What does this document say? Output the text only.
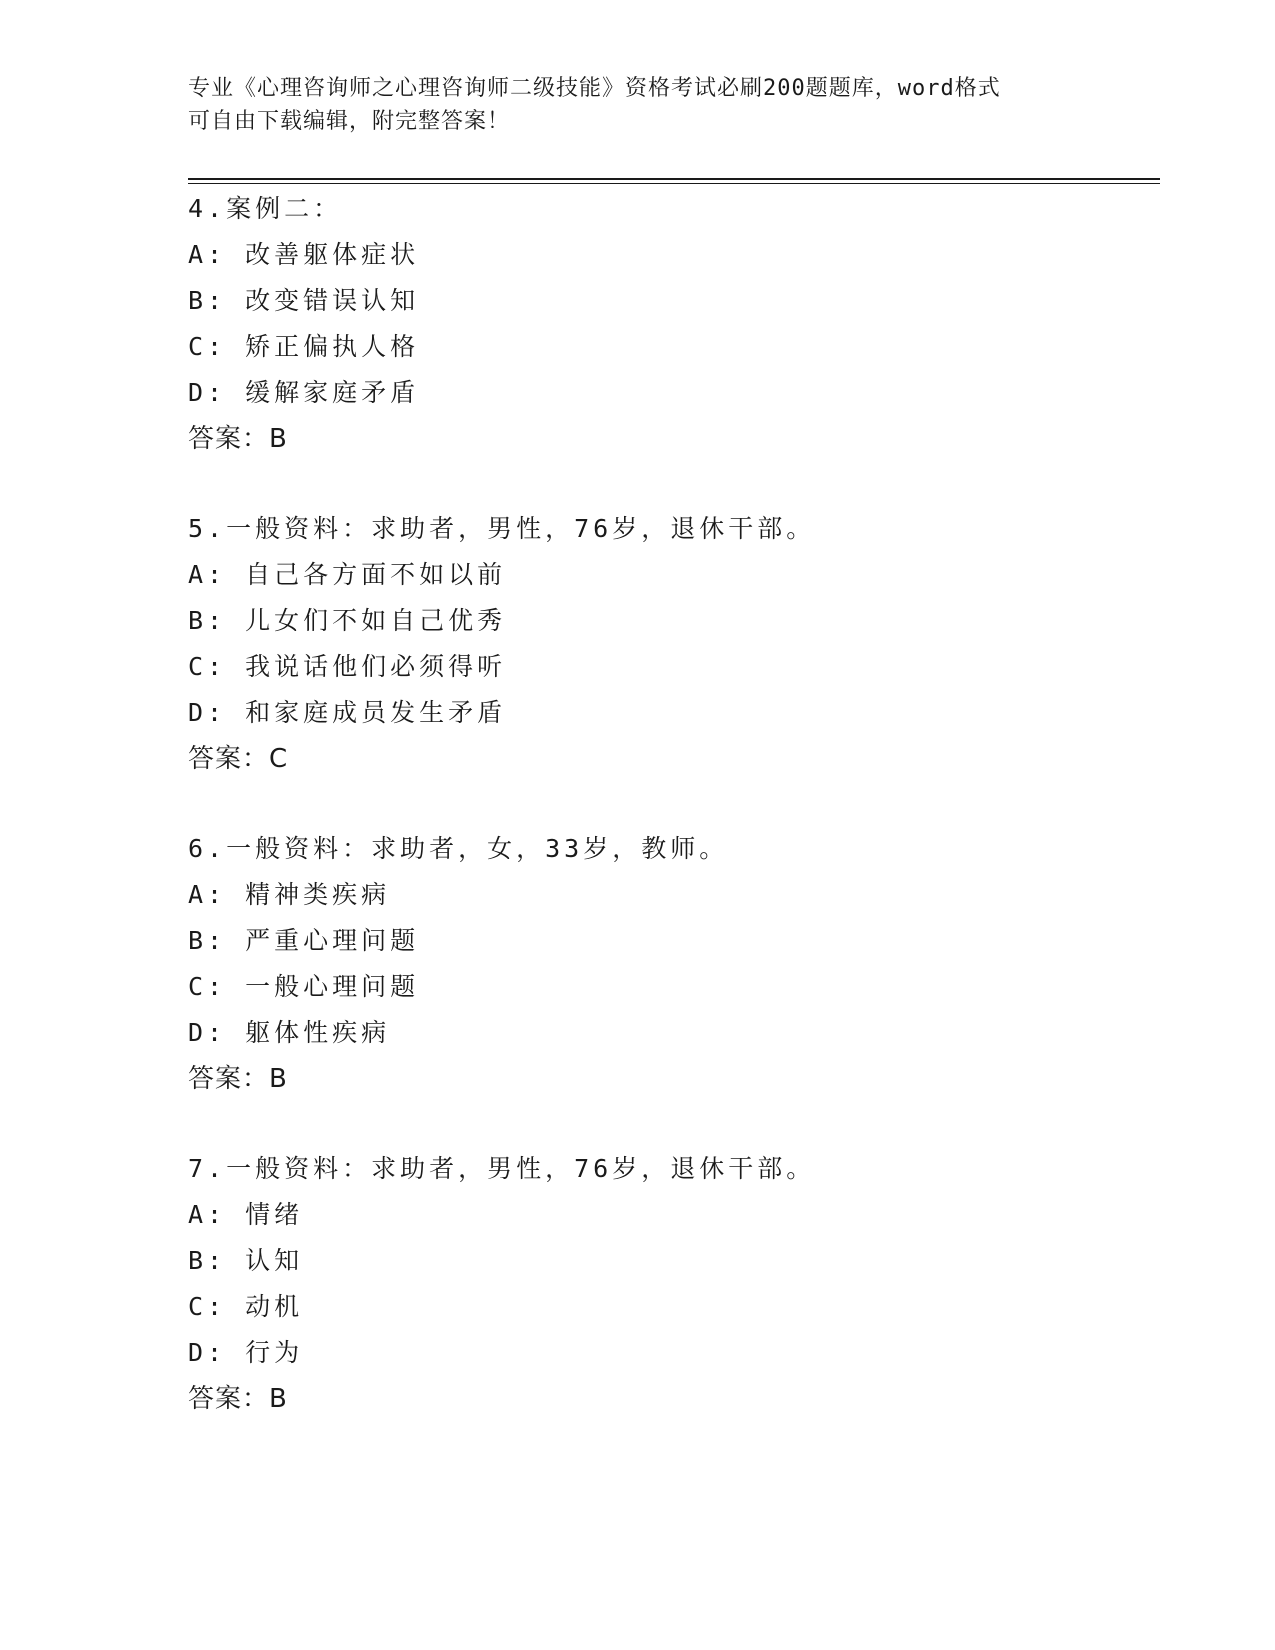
专业《心理咨询师之心理咨询师二级技能》资格考试必刷200题题库，word格式

可自由下载编辑，附完整答案！

4.案例二：
A: 改善躯体症状
B: 改变错误认知
C: 矫正偏执人格
D: 缓解家庭矛盾
答案：B
5.一般资料：求助者，男性，76岁，退休干部。
A: 自己各方面不如以前
B: 儿女们不如自己优秀
C: 我说话他们必须得听
D: 和家庭成员发生矛盾
答案：C
6.一般资料：求助者，女，33岁，教师。
A: 精神类疾病
B: 严重心理问题
C: 一般心理问题
D: 躯体性疾病
答案：B
7.一般资料：求助者，男性，76岁，退休干部。
A: 情绪
B: 认知
C: 动机
D: 行为
答案：B
